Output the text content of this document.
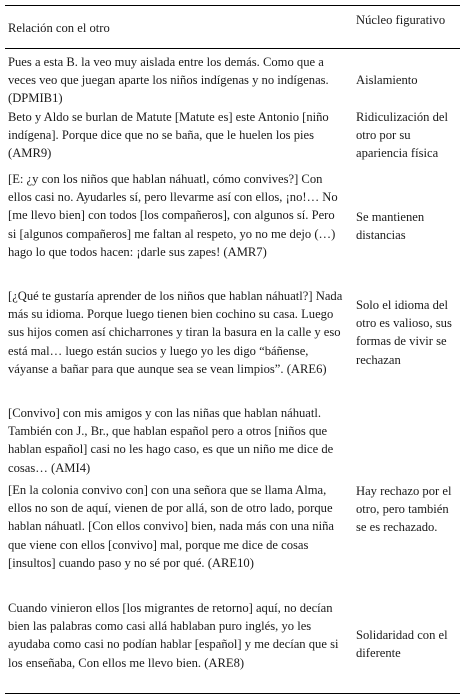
Relación con el otro
Núcleo figurativo

Pues a esta B. la veo muy aislada entre los demás. Como que a veces veo que juegan aparte los niños indígenas y no indígenas. (DPMIB1)

Aislamiento

Beto y Aldo se burlan de Matute [Matute es] este Antonio [niño indígena]. Porque dice que no se baña, que le huelen los pies (AMR9)

Ridiculización del otro por su apariencia física

[E: ¿y con los niños que hablan náhuatl, cómo convives?] Con ellos casi no. Ayudarles sí, pero llevarme así con ellos, ¡no!… No [me llevo bien] con todos [los compañeros], con algunos sí. Pero si [algunos compañeros] me faltan al respeto, yo no me dejo (…) hago lo que todos hacen: ¡darle sus zapes! (AMR7)

Se mantienen distancias

[¿Qué te gustaría aprender de los niños que hablan náhuatl?] Nada más su idioma. Porque luego tienen bien cochino su casa. Luego sus hijos comen así chicharrones y tiran la basura en la calle y eso está mal… luego están sucios y luego yo les digo “báñense, váyanse a bañar para que aunque sea se vean limpios”. (ARE6)

Solo el idioma del otro es valioso, sus formas de vivir se rechazan

[Convivo] con mis amigos y con las niñas que hablan náhuatl. También con J., Br., que hablan español pero a otros [niños que hablan español] casi no les hago caso, es que un niño me dice de cosas… (AMI4)

[En la colonia convivo con] con una señora que se llama Alma, ellos no son de aquí, vienen de por allá, son de otro lado, porque hablan náhuatl. [Con ellos convivo] bien, nada más con una niña que viene con ellos [convivo] mal, porque me dice de cosas [insultos] cuando paso y no sé por qué. (ARE10)

Hay rechazo por el otro, pero también se es rechazado.

Cuando vinieron ellos [los migrantes de retorno] aquí, no decían bien las palabras como casi allá hablaban puro inglés, yo les ayudaba como casi no podían hablar [español] y me decían que si los enseñaba, Con ellos me llevo bien. (ARE8)

Solidaridad con el diferente
